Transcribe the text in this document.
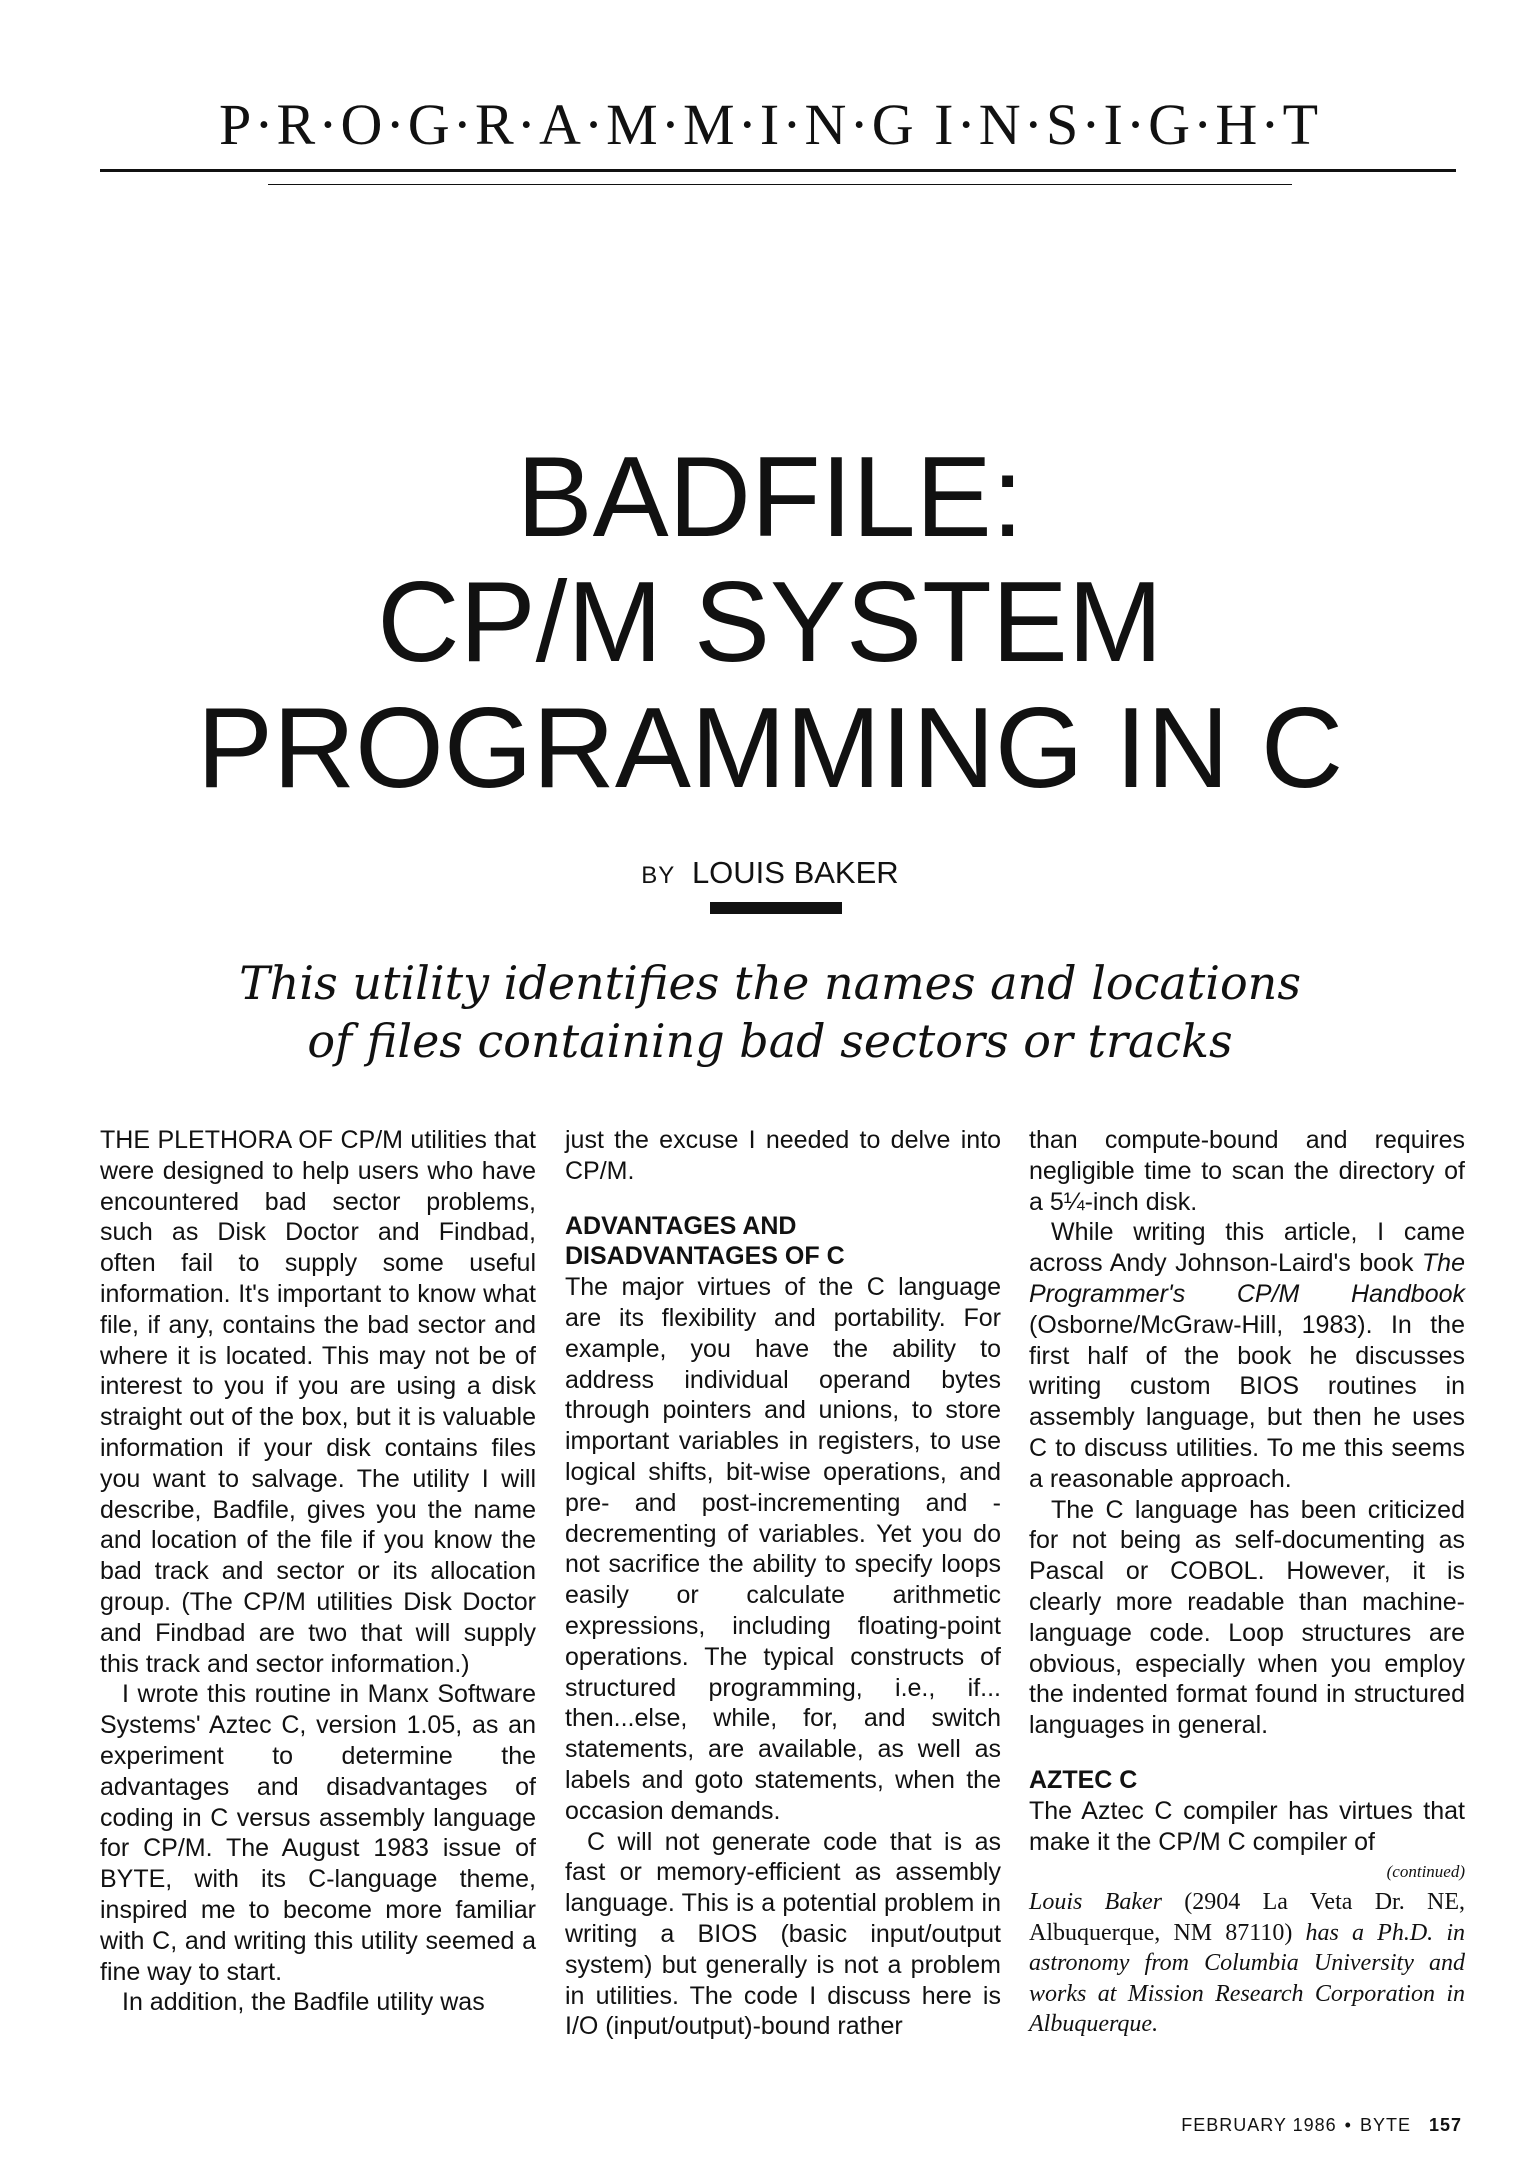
P·R·O·G·R·A·M·M·I·N·G I·N·S·I·G·H·T
BADFILE:
CP/M SYSTEM
PROGRAMMING IN C
BY LOUIS BAKER
This utility identifies the names and locations
of files containing bad sectors or tracks

THE PLETHORA OF CP/M utilities that were designed to help users who have encountered bad sector problems, such as Disk Doctor and Findbad, often fail to supply some useful information. It's important to know what file, if any, contains the bad sector and where it is located. This may not be of interest to you if you are using a disk straight out of the box, but it is valuable information if your disk contains files you want to salvage. The utility I will describe, Badfile, gives you the name and location of the file if you know the bad track and sector or its allocation group. (The CP/M utilities Disk Doctor and Findbad are two that will supply this track and sector information.)

I wrote this routine in Manx Software Systems' Aztec C, version 1.05, as an experiment to determine the advantages and disadvantages of coding in C versus assembly language for CP/M. The August 1983 issue of BYTE, with its C-language theme, inspired me to become more familiar with C, and writing this utility seemed a fine way to start.

In addition, the Badfile utility was

just the excuse I needed to delve into CP/M.

ADVANTAGES AND
DISADVANTAGES OF C

The major virtues of the C language are its flexibility and portability. For example, you have the ability to address individual operand bytes through pointers and unions, to store important variables in registers, to use logical shifts, bit-wise operations, and pre- and post-incrementing and -decrementing of variables. Yet you do not sacrifice the ability to specify loops easily or calculate arithmetic expressions, including floating-point operations. The typical constructs of structured programming, i.e., if... then...else, while, for, and switch statements, are available, as well as labels and goto statements, when the occasion demands.

C will not generate code that is as fast or memory-efficient as assembly language. This is a potential problem in writing a BIOS (basic input/output system) but generally is not a problem in utilities. The code I discuss here is I/O (input/output)-bound rather

than compute-bound and requires negligible time to scan the directory of a 5¼-inch disk.

While writing this article, I came across Andy Johnson-Laird's book The Programmer's CP/M Handbook (Osborne/McGraw-Hill, 1983). In the first half of the book he discusses writing custom BIOS routines in assembly language, but then he uses C to discuss utilities. To me this seems a reasonable approach.

The C language has been criticized for not being as self-documenting as Pascal or COBOL. However, it is clearly more readable than machine-language code. Loop structures are obvious, especially when you employ the indented format found in structured languages in general.

AZTEC C

The Aztec C compiler has virtues that make it the CP/M C compiler of

(continued)
Louis Baker (2904 La Veta Dr. NE, Albuquerque, NM 87110) has a Ph.D. in astronomy from Columbia University and works at Mission Research Corporation in Albuquerque.
FEBRUARY 1986 • BYTE 157
